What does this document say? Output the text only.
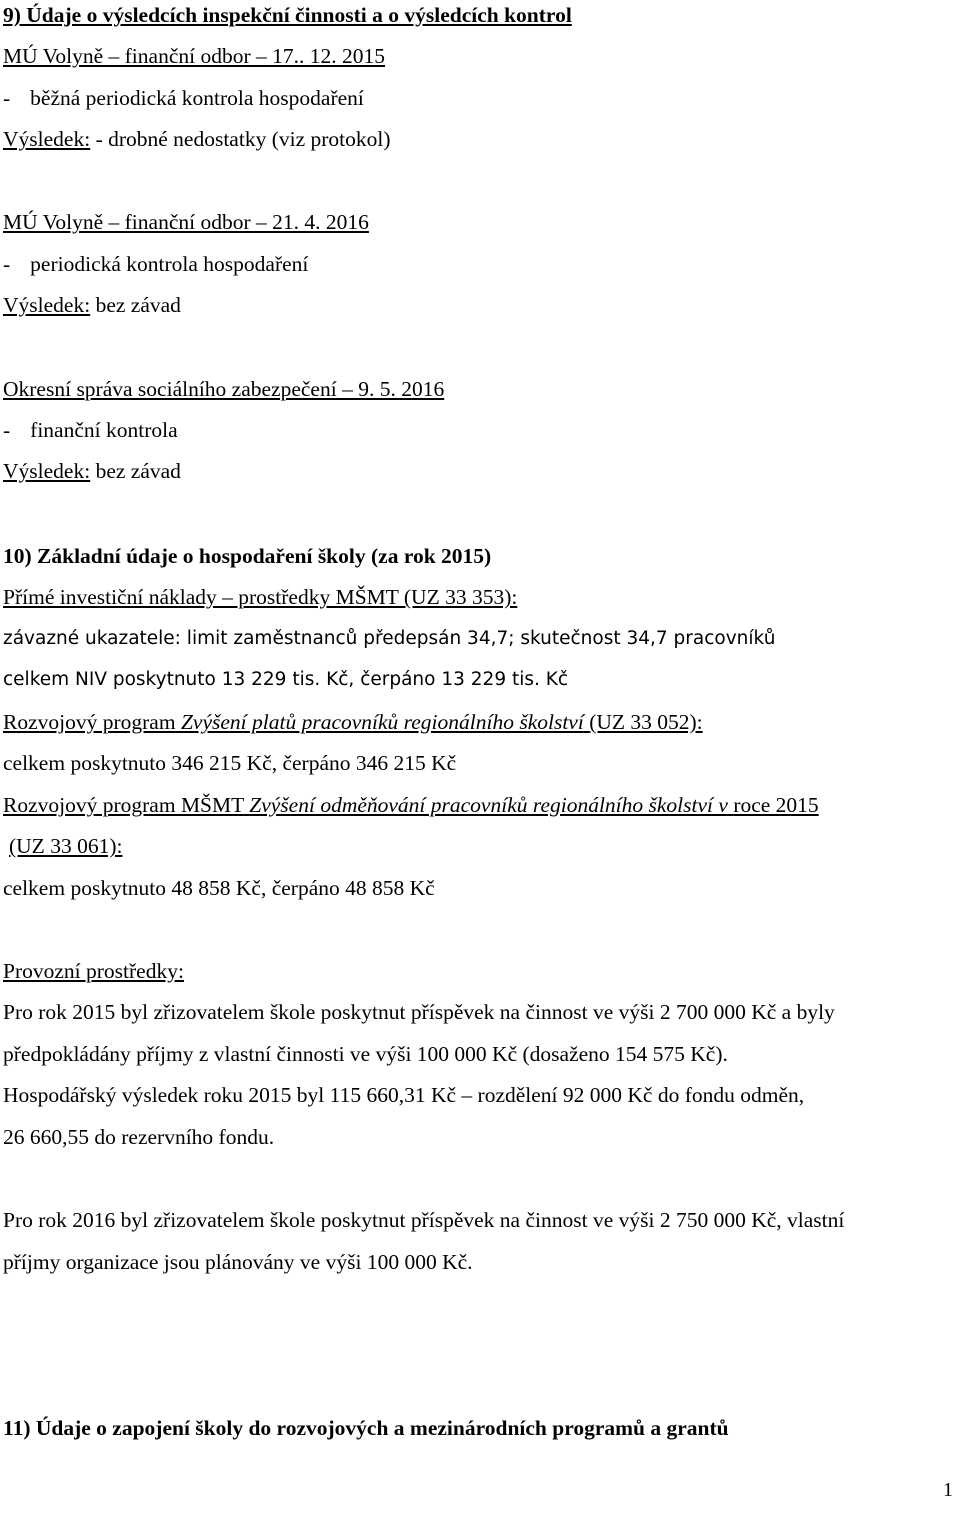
9) Údaje o výsledcích inspekční činnosti a o výsledcích kontrol
MÚ Volyně – finanční odbor – 17.. 12. 2015
- běžná periodická kontrola hospodaření
Výsledek: - drobné nedostatky (viz protokol)
MÚ Volyně – finanční odbor – 21. 4. 2016
- periodická kontrola hospodaření
Výsledek: bez závad
Okresní správa sociálního zabezpečení – 9. 5. 2016
- finanční kontrola
Výsledek: bez závad
10) Základní údaje o hospodaření školy (za rok 2015)
Přímé investiční náklady – prostředky MŠMT (UZ 33 353):
závazné ukazatele: limit zaměstnanců předepsán 34,7; skutečnost 34,7 pracovníků
celkem NIV poskytnuto 13 229 tis. Kč, čerpáno 13 229 tis. Kč
Rozvojový program Zvýšení platů pracovníků regionálního školství (UZ 33 052):
celkem poskytnuto 346 215 Kč, čerpáno 346 215 Kč
Rozvojový program MŠMT Zvýšení odměňování pracovníků regionálního školství v roce 2015
(UZ 33 061):
celkem poskytnuto 48 858 Kč, čerpáno 48 858 Kč
Provozní prostředky:
Pro rok 2015 byl zřizovatelem škole poskytnut příspěvek na činnost ve výši 2 700 000 Kč a byly
předpokládány příjmy z vlastní činnosti ve výši 100 000 Kč (dosaženo 154 575 Kč).
Hospodářský výsledek roku 2015 byl 115 660,31 Kč – rozdělení 92 000 Kč do fondu odměn,
26 660,55 do rezervního fondu.
Pro rok 2016 byl zřizovatelem škole poskytnut příspěvek na činnost ve výši 2 750 000 Kč, vlastní
příjmy organizace jsou plánovány ve výši 100 000 Kč.
11) Údaje o zapojení školy do rozvojových a mezinárodních programů a grantů
1
